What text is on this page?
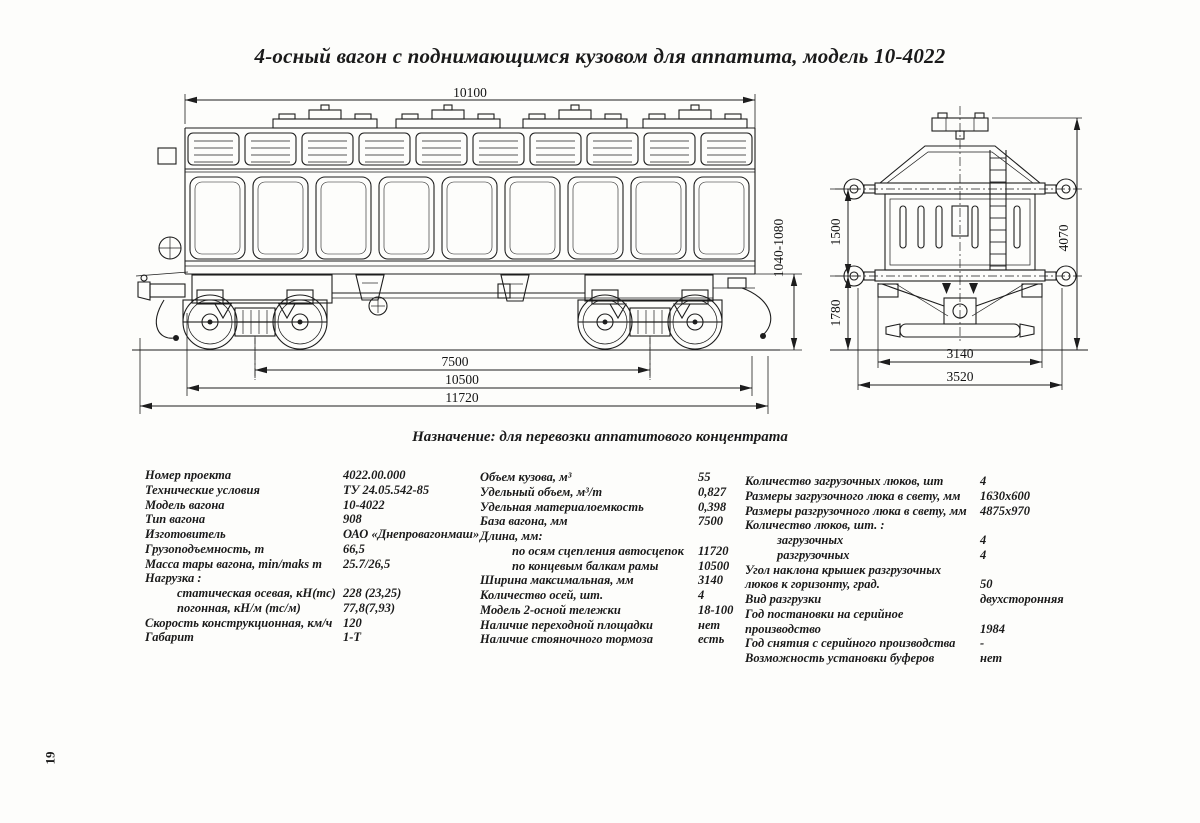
4-осный вагон с поднимающимся кузовом для аппатита, модель 10-4022
10100
1040-1080
7500
10500
11720
1500
1780
4070
3140
3520
Назначение: для перевозки аппатитового концентрата
Номер проекта	4022.00.000
Технические условия	ТУ 24.05.542-85
Модель вагона	10-4022
Тип вагона	908
Изготовитель	ОАО «Днепровагонмаш»
Грузоподъемность, т	66,5
Масса тары вагона, min/maks m	25.7/26,5
Нагрузка :
статическая осевая, кН(тс) 228 (23,25)
погонная, кН/м (тс/м)	77,8(7,93)
Скорость конструкционная, км/ч 120
Габарит	1-Т
Объем кузова, м³	55
Удельный объем, м³/т	0,827
Удельная материалоемкость	0,398
База вагона, мм	7500
Длина, мм:
по осям сцепления автосцепок	11720
по концевым балкам рамы	10500
Ширина максимальная, мм	3140
Количество осей, шт.	4
Модель 2-осной тележки	18-100
Наличие переходной площадки	нет
Наличие стояночного тормоза	есть
Количество загрузочных люков, шт	4
Размеры загрузочного люка в свету, мм	1630x600
Размеры разгрузочного люка в свету, мм	4875x970
Количество люков, шт. :
загрузочных	4
разгрузочных	4
Угол наклона крышек разгрузочных люков к горизонту, град.	50
Вид разгрузки	двухсторонняя
Год постановки на серийное производство	1984
Год снятия с серийного производства	-
Возможность установки буферов	нет
19
